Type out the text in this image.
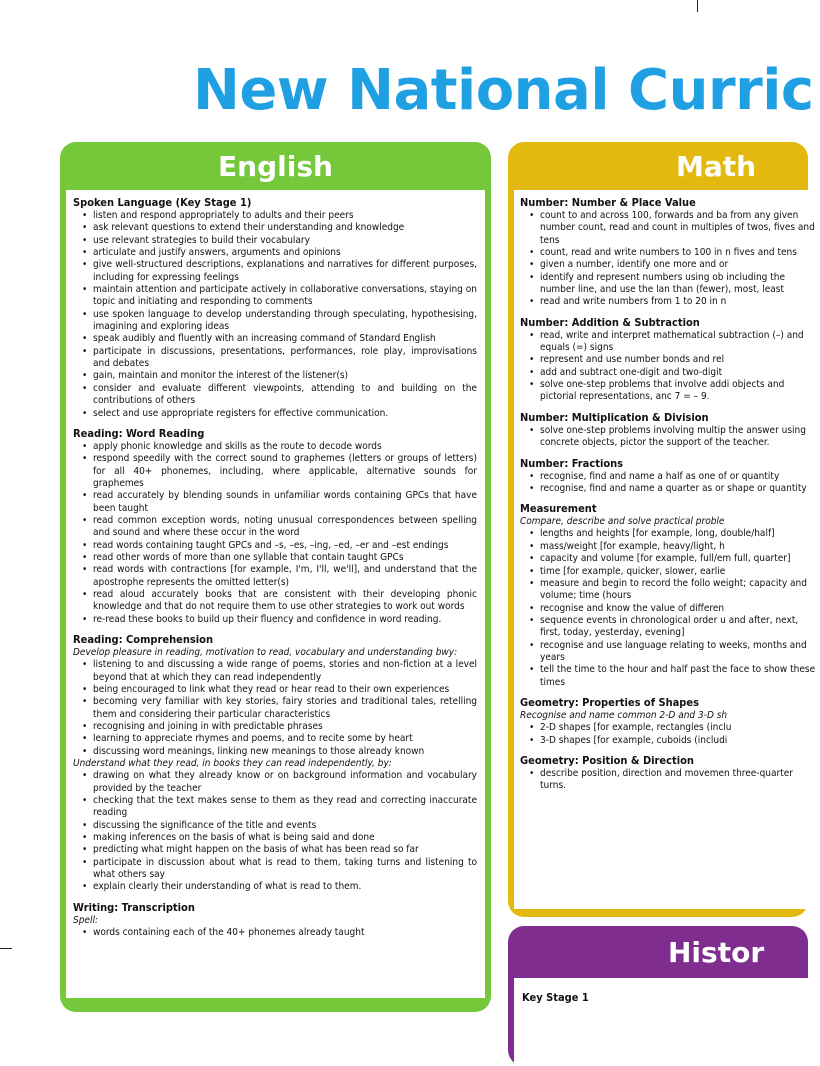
New National Curric
English
Spoken Language (Key Stage 1)
• listen and respond appropriately to adults and their peers
• ask relevant questions to extend their understanding and knowledge
• use relevant strategies to build their vocabulary
• articulate and justify answers, arguments and opinions
• give well-structured descriptions, explanations and narratives for different purposes, including for expressing feelings
• maintain attention and participate actively in collaborative conversations, staying on topic and initiating and responding to comments
• use spoken language to develop understanding through speculating, hypothesising, imagining and exploring ideas
• speak audibly and fluently with an increasing command of Standard English
• participate in discussions, presentations, performances, role play, improvisations and debates
• gain, maintain and monitor the interest of the listener(s)
• consider and evaluate different viewpoints, attending to and building on the contributions of others
• select and use appropriate registers for effective communication.
Reading: Word Reading
• apply phonic knowledge and skills as the route to decode words
• respond speedily with the correct sound to graphemes (letters or groups of letters) for all 40+ phonemes, including, where applicable, alternative sounds for graphemes
• read accurately by blending sounds in unfamiliar words containing GPCs that have been taught
• read common exception words, noting unusual correspondences between spelling and sound and where these occur in the word
• read words containing taught GPCs and –s, –es, –ing, –ed, –er and –est endings
• read other words of more than one syllable that contain taught GPCs
• read words with contractions [for example, I'm, I'll, we'll], and understand that the apostrophe represents the omitted letter(s)
• read aloud accurately books that are consistent with their developing phonic knowledge and that do not require them to use other strategies to work out words
• re-read these books to build up their fluency and confidence in word reading.
Reading: Comprehension
Develop pleasure in reading, motivation to read, vocabulary and understanding bwy:
• listening to and discussing a wide range of poems, stories and non-fiction at a level beyond that at which they can read independently
• being encouraged to link what they read or hear read to their own experiences
• becoming very familiar with key stories, fairy stories and traditional tales, retelling them and considering their particular characteristics
• recognising and joining in with predictable phrases
• learning to appreciate rhymes and poems, and to recite some by heart
• discussing word meanings, linking new meanings to those already known
Understand what they read, in books they can read independently, by:
• drawing on what they already know or on background information and vocabulary provided by the teacher
• checking that the text makes sense to them as they read and correcting inaccurate reading
• discussing the significance of the title and events
• making inferences on the basis of what is being said and done
• predicting what might happen on the basis of what has been read so far
• participate in discussion about what is read to them, taking turns and listening to what others say
• explain clearly their understanding of what is read to them.
Writing: Transcription
Spell:
• words containing each of the 40+ phonemes already taught
Math
Number: Number & Place Value
• count to and across 100, forwards and ba from any given number count, read and count in multiples of twos, fives and tens
• count, read and write numbers to 100 in n fives and tens
• given a number, identify one more and or
• identify and represent numbers using ob including the number line, and use the lan than (fewer), most, least
• read and write numbers from 1 to 20 in n
Number: Addition & Subtraction
• read, write and interpret mathematical subtraction (–) and equals (=) signs
• represent and use number bonds and rel
• add and subtract one-digit and two-digit
• solve one-step problems that involve addi objects and pictorial representations, anc 7 = – 9.
Number: Multiplication & Division
• solve one-step problems involving multip the answer using concrete objects, pictor the support of the teacher.
Number: Fractions
• recognise, find and name a half as one of or quantity
• recognise, find and name a quarter as or shape or quantity
Measurement
Compare, describe and solve practical proble
• lengths and heights [for example, long, double/half]
• mass/weight [for example, heavy/light, h
• capacity and volume [for example, full/em full, quarter]
• time [for example, quicker, slower, earlie
• measure and begin to record the follo weight; capacity and volume; time (hours
• recognise and know the value of differen
• sequence events in chronological order u and after, next, first, today, yesterday, evening]
• recognise and use language relating to weeks, months and years
• tell the time to the hour and half past the face to show these times
Geometry: Properties of Shapes
Recognise and name common 2-D and 3-D sh
• 2-D shapes [for example, rectangles (inclu
• 3-D shapes [for example, cuboids (includi
Geometry: Position & Direction
• describe position, direction and movemen three-quarter turns.
Histor
Key Stage 1
